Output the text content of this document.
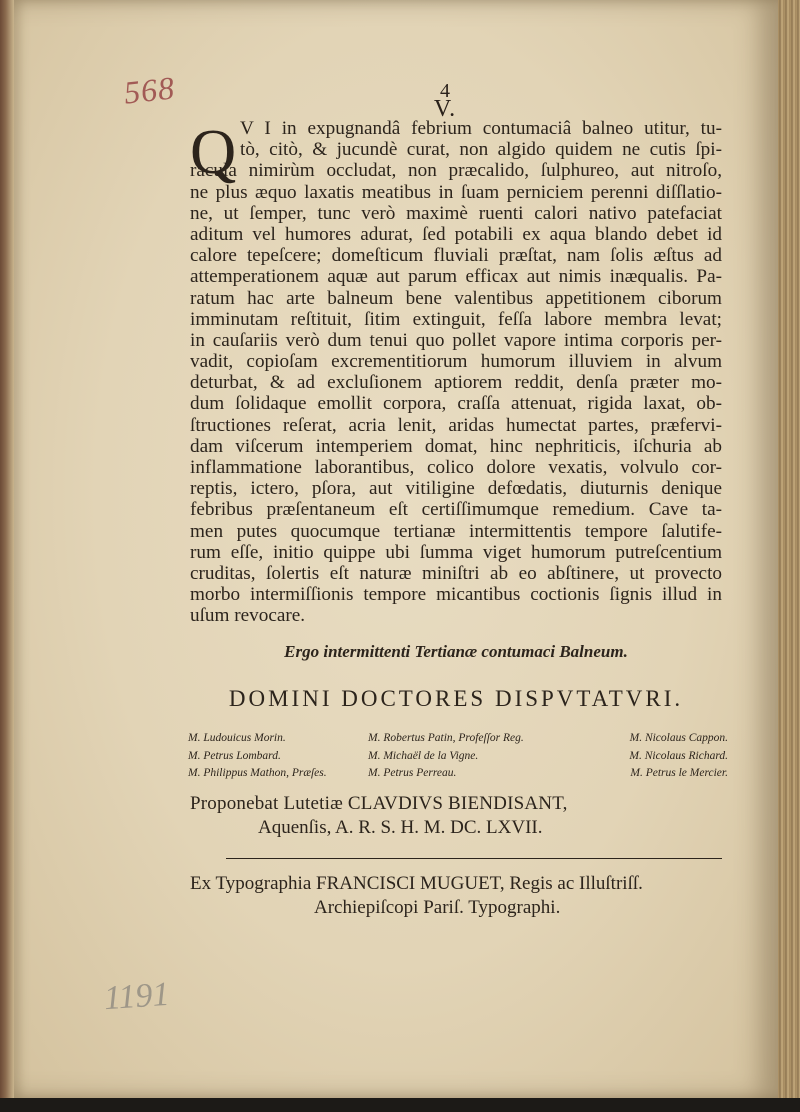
568	4
V.
Q V I in expugnandâ febrium contumaciâ balneo utitur, tu-
tò, citò, & jucundè curat, non algido quidem ne cutis ſpi-
racula nimirùm occludat, non præcalido, ſulphureo, aut nitroſo,
ne plus æquo laxatis meatibus in ſuam perniciem perenni diſſlatio-
ne, ut ſemper, tunc verò maximè ruenti calori nativo patefaciat
aditum vel humores adurat, ſed potabili ex aqua blando debet id
calore tepeſcere; domeſticum fluviali præſtat, nam ſolis æſtus ad
attemperationem aquæ aut parum efficax aut nimis inæqualis. Pa-
ratum hac arte balneum bene valentibus appetitionem ciborum
imminutam reſtituit, ſitim extinguit, feſſa labore membra levat;
in cauſariis verò dum tenui quo pollet vapore intima corporis per-
vadit, copioſam excrementitiorum humorum illuviem in alvum
deturbat, & ad excluſionem aptiorem reddit, denſa præter mo-
dum ſolidaque emollit corpora, craſſa attenuat, rigida laxat, ob-
ſtructiones reſerat, acria lenit, aridas humectat partes, præfervi-
dam viſcerum intemperiem domat, hinc nephriticis, iſchuria ab
inflammatione laborantibus, colico dolore vexatis, volvulo cor-
reptis, ictero, pſora, aut vitiligine defœdatis, diuturnis denique
febribus præſentaneum eſt certiſſimumque remedium. Cave ta-
men putes quocumque tertianæ intermittentis tempore ſalutife-
rum eſſe, initio quippe ubi ſumma viget humorum putreſcentium
cruditas, ſolertis eſt naturæ miniſtri ab eo abſtinere, ut provecto
morbo intermiſſionis tempore micantibus coctionis ſignis illud in
uſum revocare.
Ergo intermittenti Tertianæ contumaci Balneum.
DOMINI DOCTORES DISPVTATVRI.
M. Ludouicus Morin.	M. Robertus Patin, Profeſſor Reg.	M. Nicolaus Cappon.
M. Petrus Lombard.	M. Michaël de la Vigne.	M. Nicolaus Richard.
M. Philippus Mathon, Præſes.	M. Petrus Perreau.	M. Petrus le Mercier.
Proponebat Lutetiæ CLAVDIVS BIENDISANT,
Aquenſis, A. R. S. H. M. DC. LXVII.
Ex Typographia FRANCISCI MUGUET, Regis ac Illuſtriſſ.
Archiepiſcopi Pariſ. Typographi.
1191
